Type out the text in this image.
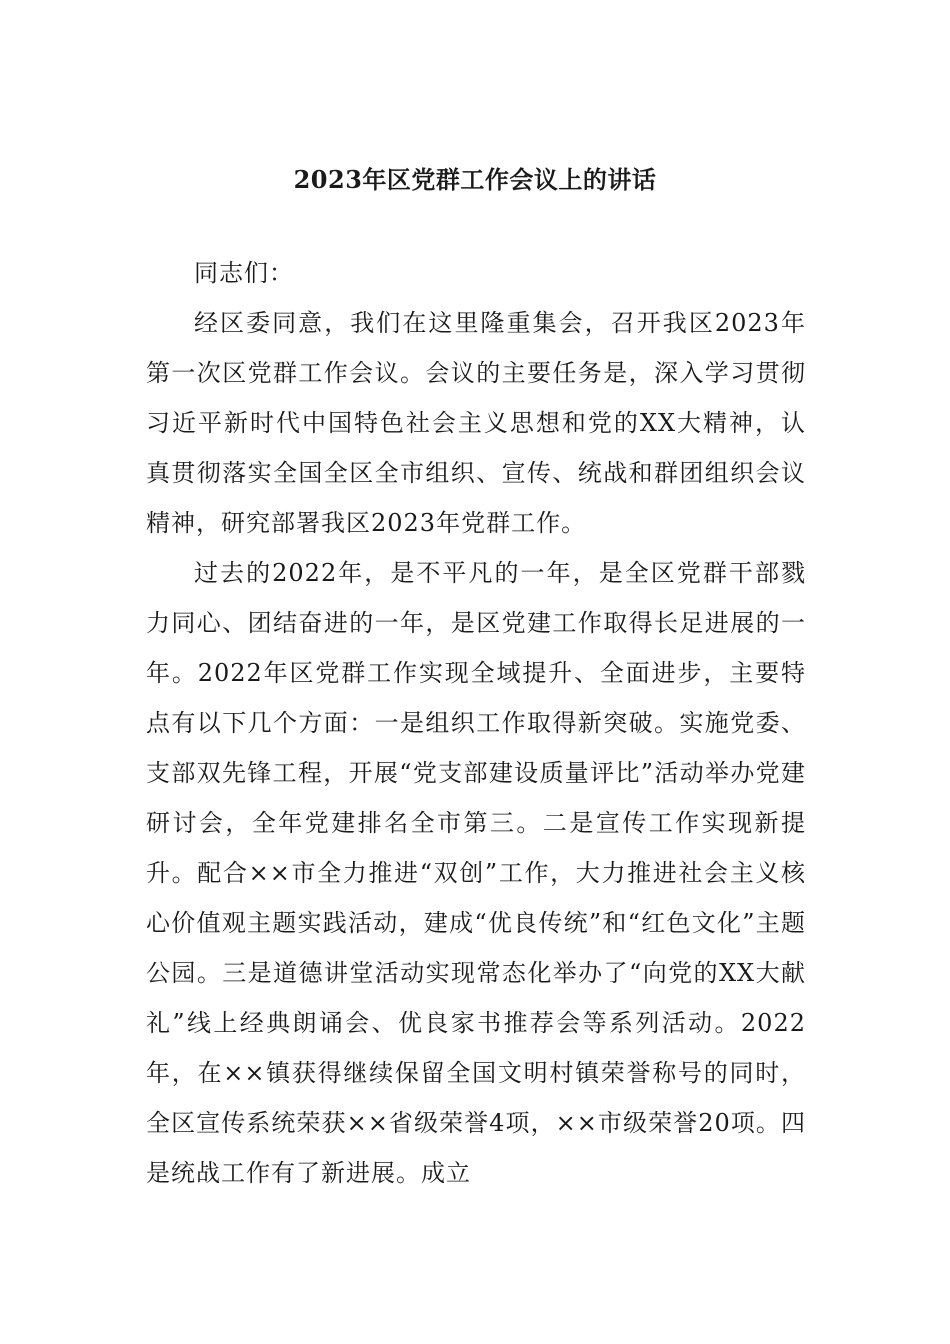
2023年区党群工作会议上的讲话

同志们：

经区委同意，我们在这里隆重集会，召开我区2023年第一次区党群工作会议。会议的主要任务是，深入学习贯彻习近平新时代中国特色社会主义思想和党的XX大精神，认真贯彻落实全国全区全市组织、宣传、统战和群团组织会议精神，研究部署我区2023年党群工作。

过去的2022年，是不平凡的一年，是全区党群干部戮力同心、团结奋进的一年，是区党建工作取得长足进展的一年。2022年区党群工作实现全域提升、全面进步，主要特点有以下几个方面：一是组织工作取得新突破。实施党委、支部双先锋工程，开展“党支部建设质量评比”活动举办党建研讨会，全年党建排名全市第三。二是宣传工作实现新提升。配合××市全力推进“双创”工作，大力推进社会主义核心价值观主题实践活动，建成“优良传统”和“红色文化”主题公园。三是道德讲堂活动实现常态化举办了“向党的XX大献礼”线上经典朗诵会、优良家书推荐会等系列活动。2022年，在××镇获得继续保留全国文明村镇荣誉称号的同时，全区宣传系统荣获××省级荣誉4项，××市级荣誉20项。四是统战工作有了新进展。成立
